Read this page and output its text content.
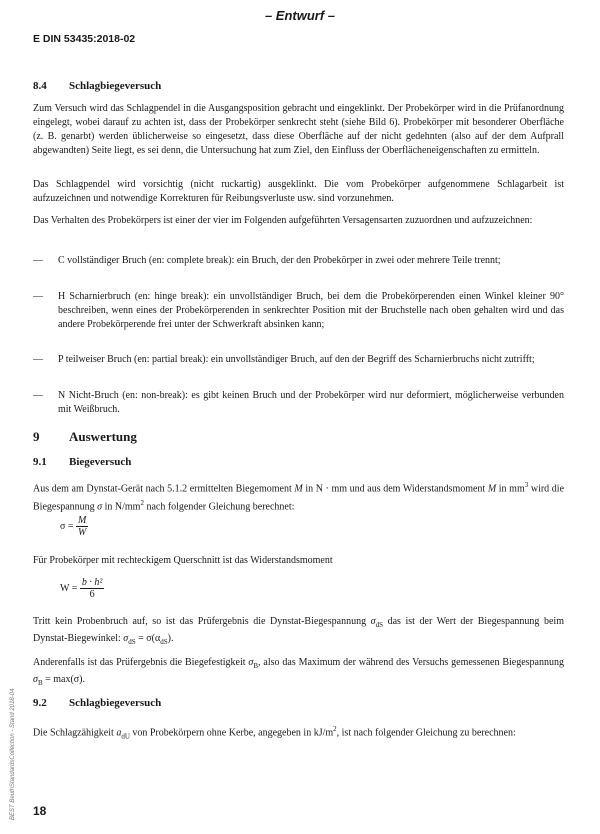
– Entwurf –
E DIN 53435:2018-02
8.4 Schlagbiegeversuch

Zum Versuch wird das Schlagpendel in die Ausgangsposition gebracht und eingeklinkt. Der Probekörper wird in die Prüfanordnung eingelegt, wobei darauf zu achten ist, dass der Probekörper senkrecht steht (siehe Bild 6). Probekörper mit besonderer Oberfläche (z. B. genarbt) werden üblicherweise so eingesetzt, dass diese Oberfläche auf der nicht gedehnten (also auf der dem Aufprall abgewandten) Seite liegt, es sei denn, die Untersuchung hat zum Ziel, den Einfluss der Oberflächeneigenschaften zu ermitteln.

Das Schlagpendel wird vorsichtig (nicht ruckartig) ausgeklinkt. Die vom Probekörper aufgenommene Schlagarbeit ist aufzuzeichnen und notwendige Korrekturen für Reibungsverluste usw. sind vorzunehmen.

Das Verhalten des Probekörpers ist einer der vier im Folgenden aufgeführten Versagensarten zuzuordnen und aufzuzeichnen:

— C vollständiger Bruch (en: complete break): ein Bruch, der den Probekörper in zwei oder mehrere Teile trennt;
— H Scharnierbruch (en: hinge break): ein unvollständiger Bruch, bei dem die Probekörperenden einen Winkel kleiner 90° beschreiben, wenn eines der Probekörperenden in senkrechter Position mit der Bruchstelle nach oben gehalten wird und das andere Probekörperende frei unter der Schwerkraft absinken kann;
— P teilweiser Bruch (en: partial break): ein unvollständiger Bruch, auf den der Begriff des Scharnierbruchs nicht zutrifft;
— N Nicht-Bruch (en: non-break): es gibt keinen Bruch und der Probekörper wird nur deformiert, möglicherweise verbunden mit Weißbruch.
9 Auswertung
9.1 Biegeversuch

Aus dem am Dynstat-Gerät nach 5.1.2 ermittelten Biegemoment M in N · mm und aus dem Widerstandsmoment M in $mm^3$ wird die Biegespannung σ in $N/mm^2$ nach folgender Gleichung berechnet:

$\sigma = \frac{M}{W}$

Für Probekörper mit rechteckigem Querschnitt ist das Widerstandsmoment

$W = \frac{\text{b · h²}}{6}$

Tritt kein Probenbruch auf, so ist das Prüfergebnis die Dynstat-Biegespannung $\sigma_{dS}$ das ist der Wert der Biegespannung beim Dynstat-Biegewinkel: $\sigma_{dS} = \sigma(\alpha_{dS})$.

Anderenfalls ist das Prüfergebnis die Biegefestigkeit $\sigma_B$, also das Maximum der während des Versuchs gemessenen Biegespannung $\sigma_B = \max(\sigma)$.

9.2 Schlagbiegeversuch

Die Schlagzähigkeit $a_{dU}$ von Probekörpern ohne Kerbe, angegeben in $kJ/m^2$, ist nach folgender Gleichung zu berechnen:

18
BEST BeuthStandardsCollection - Stand 2018-04
